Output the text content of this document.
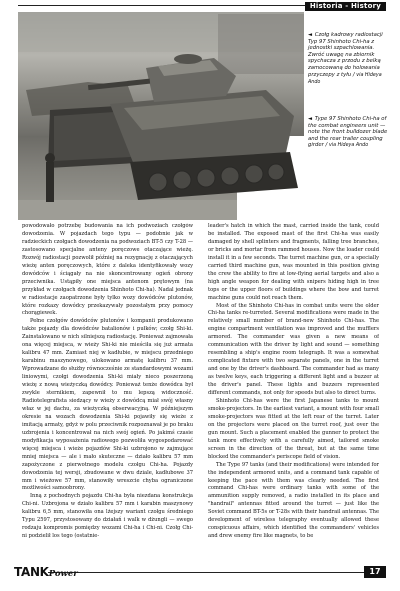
Historia - History
◄ Czołg kadrowy radiostacji Typ 97 Shinhoto Chi-ha z jednostki szpachlowania. Zwróć uwagę na zbiornik spychacza z przodu z belką zamocowaną do holowania przyczepy z tyłu / via Hideya Ando
◄ Type 97 Shinhoto Chi-ha of the combat engineers unit — note the front bulldozer blade and the rear trailer coupling girder / via Hideya Ando

powodowało potrzebę budowania na ich podwoziach czołgów dowodzenia. W pojazdach tego typu — podobnie jak w radzieckich czołgach dowodzenia na podwoziach BT-5 czy T-28 — zastosowano specjalne anteny poręczowe otaczające wieżę. Rozwój radiostacji pozwolił później na rezygnację z otaczających wieżę anten poręczowych, które z daleka identyfikowały wozy dowódców i ściągały na nie skoncentrowany ogień obrony przeciwnika. Ustąpiły one miejsca antenom prętowym (na przykład w czołgach dowodzenia Shinhoto Chi-ha). Nadal jednak w radiostacje zaopatrzone były tylko wozy dowódców plutonów, które rozkazy dowódcy przekazywały pozostałym przy pomocy chorągiewek.

Pełne czołgów dowódców plutonów i kompanii produkowano także pojazdy dla dowódców batalionów i pułków; czołg Shi-ki. Zainstalowano w nich silniejszą radiostację. Ponieważ zajmowała ona więcej miejsca, w wieży Shi-ki nie mieściła się już armata kalibru 47 mm. Zamiast niej w kadłubie, w miejscu przedniego karabinu maszynowego, ulokowano armatę kalibru 37 mm. Wprowadzane do służby równocześnie ze standardowymi wozami liniowymi, czołgi dowodzenia Shi-ki miały nieco poszerzoną wieżę z nową wieżyczką dowódcy. Ponieważ tenże dowódca był zwykle sternikiem, zapewnił to mu lepszą widoczność. Radiotelegrafista siedzący w wieży z dowódcą miał swój własny właz w jej dachu, za wieżyczką obserwacyjną. W późniejszym okresie na wozach dowodzenia Shi-ki pojawiły się wieże z imitacją armaty, gdyż w polu przeciwnik rozpoznawał je po braku uzbrojenia i koncentrował na nich swój ogień. Po jakimś czasie modyfikacja wyposażenia radiowego pozwoliła wygospodarować więcej miejsca i wieże pojazdów Shi-ki uzbrojono w zajmujące mniej miejsca — ale i mało skuteczne — działo kalibru 57 mm zapożyczone z pierwotnego modelu czołgu Chi-ha. Pojazdy dowodzenia tej wersji, zbudowane w dwu dziale, kadłubowe 37 mm i wieżowe 57 mm, stanowiły wreszcie chyba ograniczone możliwości samoobrony.

Inną z pochodnych pojazdu Chi-ha była niezdana konstrukcja Chi-ni. Uzbrojona w działo kalibru 57 mm i karabin maszynowy kalibru 6,5 mm, stanowiła ona lżejszy wariant czołgu średniego Typu 2597, przystosowany do działań i walk w dżungli — swego rodzaju kompromis pomiędzy wozami Chi-ha i Chi-ni. Czołg Chi-ni podzielił los tego (ostatnie-

leader's hatch in which the mast, carried inside the tank, could be installed. The exposed mast of the first Chi-ha was easily damaged by shell splinters and fragments, falling tree branches, or bricks and mortar from rammed houses. Now the loader could install it in a few seconds. The turret machine gun, or a specially carried third machine gun, was mounted in this position giving the crew the ability to fire at low-flying aerial targets and also a high angle weapon for dealing with snipers hiding high in tree tops or the upper floors of buildings where the bow and turret machine guns could not reach them.

Most of the Shinhoto Chi-has in combat units were the older Chi-ha tanks re-turreted. Several modifications were made in the relatively small number of brand-new Shinhoto Chi-has. The engine compartment ventilation was improved and the mufflers armored. The commander was given a new means of communication with the driver by light and sound — something resembling a ship's engine room telegraph. It was a somewhat complicated fixture with two separate panels, one in the turret and one by the driver's dashboard. The commander had as many as twelve keys, each triggering a different light and a buzzer at the driver's panel. These lights and buzzers represented different commands, not only for speeds but also to direct turns.

Shinhoto Chi-has were the first Japanese tanks to mount smoke-projectors. In the earliest variant, a mount with four small smoke-projectors was fitted at the left rear of the turret. Later on the projectors were placed on the turret roof, just over the gun mount. Such a placement enabled the gunner to protect the tank more effectively with a carefully aimed, tailored smoke screen in the direction of the threat, but at the same time blocked the commander's periscope field of vision.

The Type 97 tanks (and their modifications) were intended for the independent armored units, and a command tank capable of keeping the pace with them was clearly needed. The first command Chi-has were ordinary tanks with some of the ammunition supply removed, a radio installed in its place and "handrail" antennas fitted around the turret — just like the Soviet command BT-5s or T-28s with their handrail antennas. The development of wireless telegraphy eventually allowed these conspicuous affairs, which identified the commanders' vehicles and drew enemy fire like magnets, to be

TANKPower	17
